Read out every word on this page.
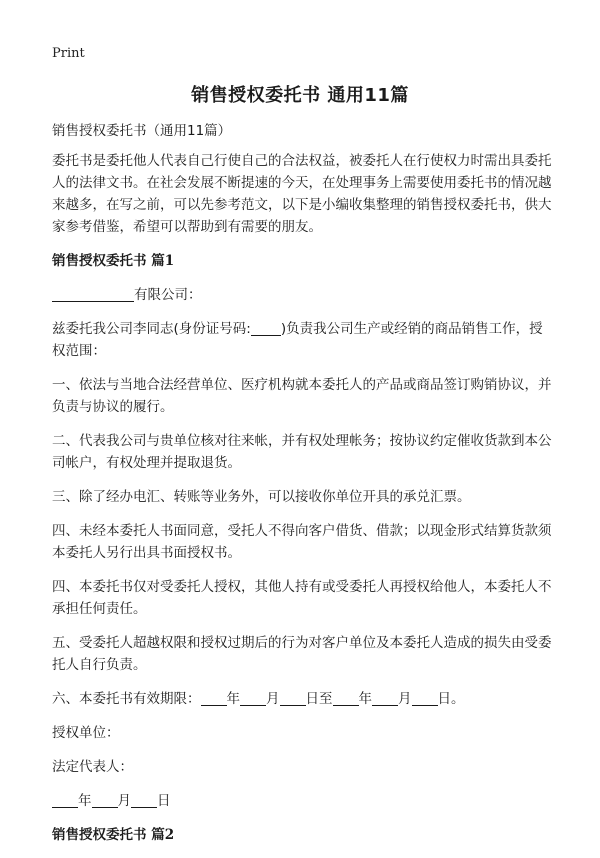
Print
销售授权委托书 通用11篇

销售授权委托书（通用11篇）

委托书是委托他人代表自己行使自己的合法权益，被委托人在行使权力时需出具委托人的法律文书。在社会发展不断提速的今天，在处理事务上需要使用委托书的情况越来越多，在写之前，可以先参考范文，以下是小编收集整理的销售授权委托书，供大家参考借鉴，希望可以帮助到有需要的朋友。

销售授权委托书 篇1

有限公司：

兹委托我公司李同志(身份证号码: )负责我公司生产或经销的商品销售工作，授权范围：

一、依法与当地合法经营单位、医疗机构就本委托人的产品或商品签订购销协议，并负责与协议的履行。

二、代表我公司与贵单位核对往来帐，并有权处理帐务；按协议约定催收货款到本公司帐户，有权处理并提取退货。

三、除了经办电汇、转账等业务外，可以接收你单位开具的承兑汇票。

四、未经本委托人书面同意，受托人不得向客户借货、借款；以现金形式结算货款须本委托人另行出具书面授权书。

四、本委托书仅对受委托人授权，其他人持有或受委托人再授权给他人，本委托人不承担任何责任。

五、受委托人超越权限和授权过期后的行为对客户单位及本委托人造成的损失由受委托人自行负责。

六、本委托书有效期限： 年 月 日至 年 月 日。

授权单位：

法定代表人：

年 月 日

销售授权委托书 篇2
